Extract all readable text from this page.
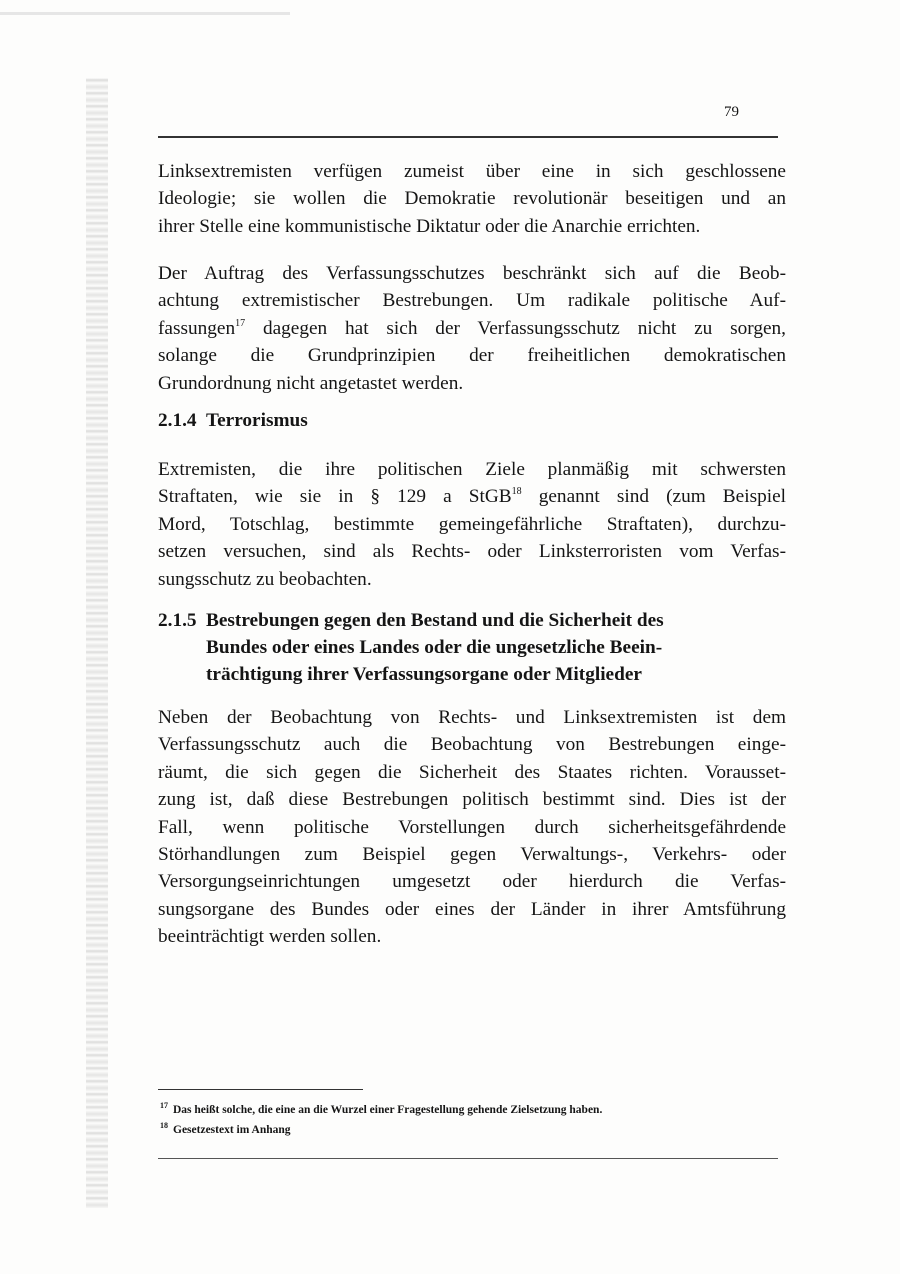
79
Linksextremisten verfügen zumeist über eine in sich geschlossene
Ideologie; sie wollen die Demokratie revolutionär beseitigen und an
ihrer Stelle eine kommunistische Diktatur oder die Anarchie errichten.
Der Auftrag des Verfassungsschutzes beschränkt sich auf die Beob-
achtung extremistischer Bestrebungen. Um radikale politische Auf-
fassungen$^{17}$ dagegen hat sich der Verfassungsschutz nicht zu sorgen,
solange die Grundprinzipien der freiheitlichen demokratischen
Grundordnung nicht angetastet werden.
2.1.4 Terrorismus
Extremisten, die ihre politischen Ziele planmäßig mit schwersten
Straftaten, wie sie in § 129 a StGB$^{18}$ genannt sind (zum Beispiel
Mord, Totschlag, bestimmte gemeingefährliche Straftaten), durchzu-
setzen versuchen, sind als Rechts- oder Linksterroristen vom Verfas-
sungsschutz zu beobachten.
2.1.5 Bestrebungen gegen den Bestand und die Sicherheit des
Bundes oder eines Landes oder die ungesetzliche Beein-
trächtigung ihrer Verfassungsorgane oder Mitglieder
Neben der Beobachtung von Rechts- und Linksextremisten ist dem
Verfassungsschutz auch die Beobachtung von Bestrebungen einge-
räumt, die sich gegen die Sicherheit des Staates richten. Vorausset-
zung ist, daß diese Bestrebungen politisch bestimmt sind. Dies ist der
Fall, wenn politische Vorstellungen durch sicherheitsgefährdende
Störhandlungen zum Beispiel gegen Verwaltungs-, Verkehrs- oder
Versorgungseinrichtungen umgesetzt oder hierdurch die Verfas-
sungsorgane des Bundes oder eines der Länder in ihrer Amtsführung
beeinträchtigt werden sollen.
$^{17}$ Das heißt solche, die eine an die Wurzel einer Fragestellung gehende Zielsetzung haben.
$^{18}$ Gesetzestext im Anhang
